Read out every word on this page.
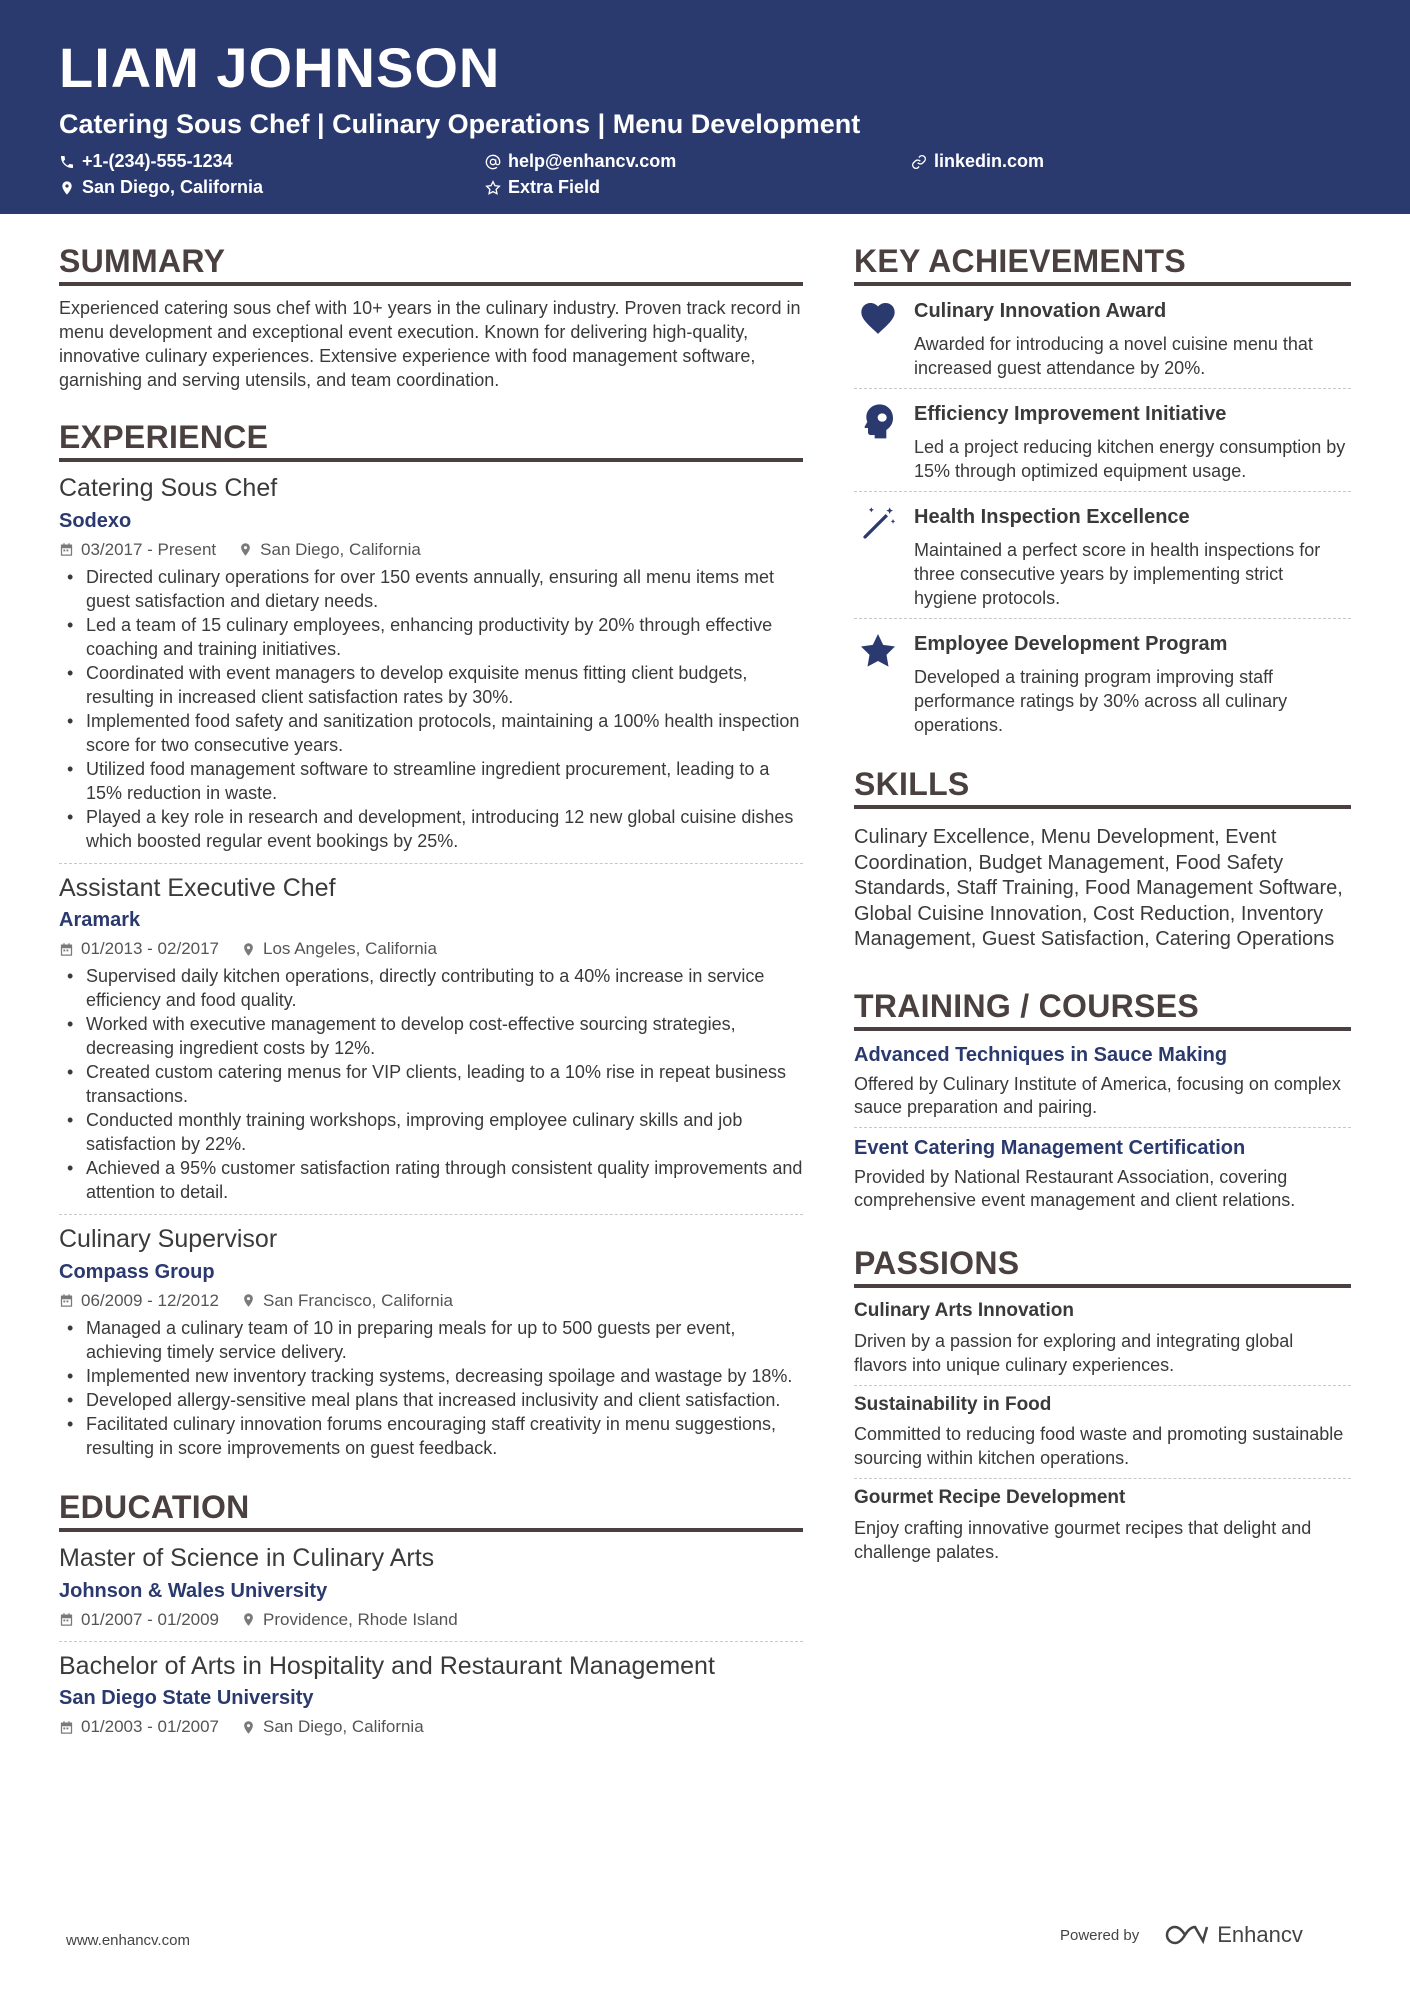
LIAM JOHNSON
Catering Sous Chef | Culinary Operations | Menu Development
+1-(234)-555-1234	help@enhancv.com	linkedin.com
San Diego, California	Extra Field
SUMMARY
Experienced catering sous chef with 10+ years in the culinary industry. Proven track record in menu development and exceptional event execution. Known for delivering high-quality, innovative culinary experiences. Extensive experience with food management software, garnishing and serving utensils, and team coordination.
EXPERIENCE
Catering Sous Chef
Sodexo
03/2017 - Present	San Diego, California
• Directed culinary operations for over 150 events annually, ensuring all menu items met guest satisfaction and dietary needs.
• Led a team of 15 culinary employees, enhancing productivity by 20% through effective coaching and training initiatives.
• Coordinated with event managers to develop exquisite menus fitting client budgets, resulting in increased client satisfaction rates by 30%.
• Implemented food safety and sanitization protocols, maintaining a 100% health inspection score for two consecutive years.
• Utilized food management software to streamline ingredient procurement, leading to a 15% reduction in waste.
• Played a key role in research and development, introducing 12 new global cuisine dishes which boosted regular event bookings by 25%.
Assistant Executive Chef
Aramark
01/2013 - 02/2017	Los Angeles, California
• Supervised daily kitchen operations, directly contributing to a 40% increase in service efficiency and food quality.
• Worked with executive management to develop cost-effective sourcing strategies, decreasing ingredient costs by 12%.
• Created custom catering menus for VIP clients, leading to a 10% rise in repeat business transactions.
• Conducted monthly training workshops, improving employee culinary skills and job satisfaction by 22%.
• Achieved a 95% customer satisfaction rating through consistent quality improvements and attention to detail.
Culinary Supervisor
Compass Group
06/2009 - 12/2012	San Francisco, California
• Managed a culinary team of 10 in preparing meals for up to 500 guests per event, achieving timely service delivery.
• Implemented new inventory tracking systems, decreasing spoilage and wastage by 18%.
• Developed allergy-sensitive meal plans that increased inclusivity and client satisfaction.
• Facilitated culinary innovation forums encouraging staff creativity in menu suggestions, resulting in score improvements on guest feedback.
EDUCATION
Master of Science in Culinary Arts
Johnson & Wales University
01/2007 - 01/2009	Providence, Rhode Island
Bachelor of Arts in Hospitality and Restaurant Management
San Diego State University
01/2003 - 01/2007	San Diego, California
KEY ACHIEVEMENTS
Culinary Innovation Award
Awarded for introducing a novel cuisine menu that increased guest attendance by 20%.
Efficiency Improvement Initiative
Led a project reducing kitchen energy consumption by 15% through optimized equipment usage.
Health Inspection Excellence
Maintained a perfect score in health inspections for three consecutive years by implementing strict hygiene protocols.
Employee Development Program
Developed a training program improving staff performance ratings by 30% across all culinary operations.
SKILLS
Culinary Excellence, Menu Development, Event Coordination, Budget Management, Food Safety Standards, Staff Training, Food Management Software, Global Cuisine Innovation, Cost Reduction, Inventory Management, Guest Satisfaction, Catering Operations
TRAINING / COURSES
Advanced Techniques in Sauce Making
Offered by Culinary Institute of America, focusing on complex sauce preparation and pairing.
Event Catering Management Certification
Provided by National Restaurant Association, covering comprehensive event management and client relations.
PASSIONS
Culinary Arts Innovation
Driven by a passion for exploring and integrating global flavors into unique culinary experiences.
Sustainability in Food
Committed to reducing food waste and promoting sustainable sourcing within kitchen operations.
Gourmet Recipe Development
Enjoy crafting innovative gourmet recipes that delight and challenge palates.
www.enhancv.com	Powered by	Enhancv
